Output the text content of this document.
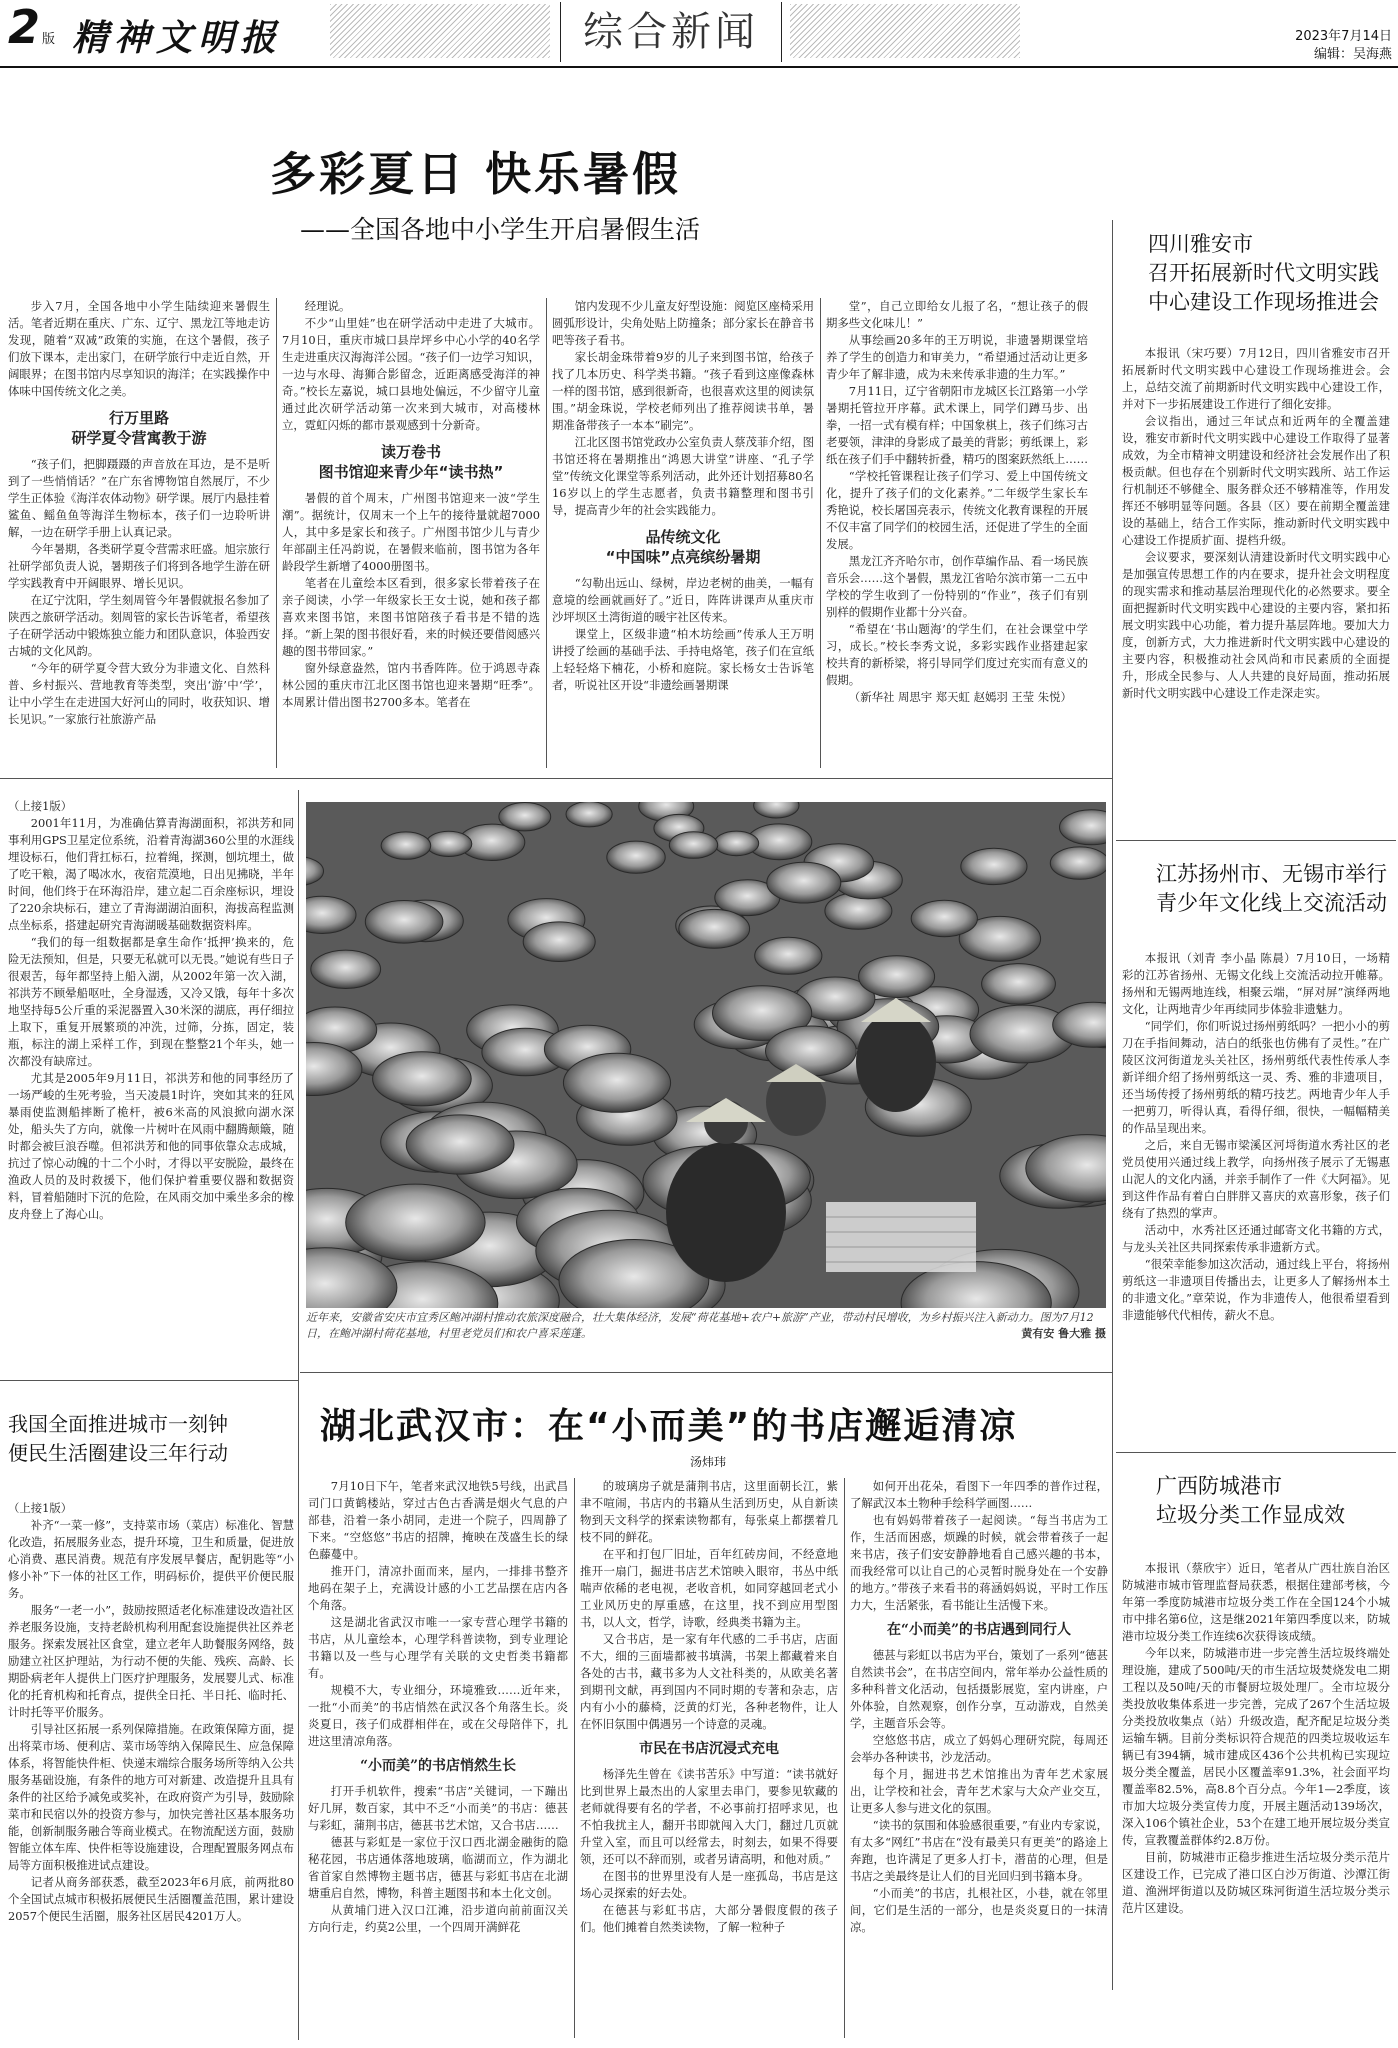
2 版 精神文明报	综合新闻	2023年7月14日
编辑：吴海燕
多彩夏日 快乐暑假
——全国各地中小学生开启暑假生活

步入7月，全国各地中小学生陆续迎来暑假生活。笔者近期在重庆、广东、辽宁、黑龙江等地走访发现，随着“双减”政策的实施，在这个暑假，孩子们放下课本，走出家门，在研学旅行中走近自然，开阔眼界；在图书馆内尽享知识的海洋；在实践操作中体味中国传统文化之美。

行万里路
研学夏令营寓教于游

“孩子们，把脚蹑蹑的声音放在耳边，是不是听到了一些悄悄话？”在广东省博物馆自然展厅，不少学生正体验《海洋农体动物》研学课。展厅内悬挂着鲨鱼、鳐鱼鱼等海洋生物标本，孩子们一边聆听讲解，一边在研学手册上认真记录。

今年暑期，各类研学夏令营需求旺盛。旭宗旅行社研学部负责人说，暑期孩子们将到各地学生游在研学实践教育中开阔眼界、增长见识。

在辽宁沈阳，学生刻周管今年暑假就报名参加了陕西之旅研学活动。刻周管的家长告诉笔者，希望孩子在研学活动中锻炼独立能力和团队意识，体验西安古城的文化风韵。

“今年的研学夏令营大致分为非遗文化、自然科普、乡村振兴、营地教育等类型，突出‘游’中‘学’，让中小学生在走进国大好河山的同时，收获知识、增长见识。”一家旅行社旅游产品

经理说。

不少“山里娃”也在研学活动中走进了大城市。7月10日，重庆市城口县岸坪乡中心小学的40名学生走进重庆汉海海洋公园。“孩子们一边学习知识，一边与水母、海狮合影留念，近距离感受海洋的神奇。”校长左嘉说，城口县地处偏远，不少留守儿童通过此次研学活动第一次来到大城市，对高楼林立，霓虹闪烁的都市景观感到十分新奇。

读万卷书
图书馆迎来青少年“读书热”

暑假的首个周末，广州图书馆迎来一波“学生潮”。据统计，仅周末一个上午的接待量就超7000人，其中多是家长和孩子。广州图书馆少儿与青少年部副主任冯韵说，在暑假来临前，图书馆为各年龄段学生新增了4000册图书。

笔者在儿童绘本区看到，很多家长带着孩子在亲子阅读，小学一年级家长王女士说，她和孩子都喜欢来图书馆，来图书馆陪孩子看书是不错的选择。“新上架的图书很好看，来的时候还要借阅感兴趣的图书带回家。”

窗外绿意盎然，馆内书香阵阵。位于鸿恩寺森林公园的重庆市江北区图书馆也迎来暑期“旺季”。本周累计借出图书2700多本。笔者在

馆内发现不少儿童友好型设施：阅览区座椅采用圆弧形设计，尖角处贴上防撞条；部分家长在静音书吧等孩子看书。

家长胡金珠带着9岁的儿子来到图书馆，给孩子找了几本历史、科学类书籍。“孩子看到这座像森林一样的图书馆，感到很新奇，也很喜欢这里的阅读氛围。”胡金珠说，学校老师列出了推荐阅读书单，暑期准备带孩子一本本“刷完”。

江北区图书馆党政办公室负责人蔡茂菲介绍，图书馆还将在暑期推出“鸿恩大讲堂”讲座、“孔子学堂”传统文化课堂等系列活动，此外还计划招募80名16岁以上的学生志愿者，负责书籍整理和图书引导，提高青少年的社会实践能力。

品传统文化
“中国味”点亮缤纷暑期

“勾勒出远山、绿树，岸边老树的曲美，一幅有意境的绘画就画好了。”近日，阵阵讲课声从重庆市沙坪坝区土湾街道的暖宇社区传来。

课堂上，区级非遗“柏木坊绘画”传承人王万明讲授了绘画的基础手法、手持电烙笔，孩子们在宣纸上轻轻烙下楠花，小桥和庭院。家长杨女士告诉笔者，听说社区开设“非遗绘画暑期课

堂”，自己立即给女儿报了名，“想让孩子的假期多些文化味儿！”

从事绘画20多年的王万明说，非遗暑期课堂培养了学生的创造力和审美力，“希望通过活动让更多青少年了解非遗，成为未来传承非遗的生力军。”

7月11日，辽宁省朝阳市龙城区长江路第一小学暑期托管拉开序幕。武术课上，同学们蹲马步、出拳，一招一式有模有样；中国象棋上，孩子们练习古老要领，津津的身影成了最美的背影；剪纸课上，彩纸在孩子们手中翻转折叠，精巧的图案跃然纸上……

“学校托管课程让孩子们学习、爱上中国传统文化，提升了孩子们的文化素养。”二年级学生家长车秀艳说，校长屠国亮表示，传统文化教育课程的开展不仅丰富了同学们的校园生活，还促进了学生的全面发展。

黑龙江齐齐哈尔市，创作草编作品、看一场民族音乐会……这个暑假，黑龙江省哈尔滨市第一二五中学校的学生收到了一份特别的“作业”，孩子们有别别样的假期作业都十分兴奋。

“希望在‘书山题海’的学生们，在社会课堂中学习，成长。”校长李秀文说，多彩实践作业搭建起家校共育的新桥梁，将引导同学们度过充实而有意义的假期。

（新华社 周思宇 郑天虹 赵嫣羽 王莹 朱悦）

四川雅安市
召开拓展新时代文明实践
中心建设工作现场推进会

本报讯（宋巧要）7月12日，四川省雅安市召开拓展新时代文明实践中心建设工作现场推进会。会上，总结交流了前期新时代文明实践中心建设工作，并对下一步拓展建设工作进行了细化安排。

会议指出，通过三年试点和近两年的全覆盖建设，雅安市新时代文明实践中心建设工作取得了显著成效，为全市精神文明建设和经济社会发展作出了积极贡献。但也存在个别新时代文明实践所、站工作运行机制还不够健全、服务群众还不够精准等，作用发挥还不够明显等问题。各县（区）要在前期全覆盖建设的基础上，结合工作实际，推动新时代文明实践中心建设工作提质扩面、提档升级。

会议要求，要深刻认清建设新时代文明实践中心是加强宣传思想工作的内在要求，提升社会文明程度的现实需求和推动基层治理现代化的必然要求。要全面把握新时代文明实践中心建设的主要内容，紧扣拓展文明实践中心功能，着力提升基层阵地。要加大力度，创新方式，大力推进新时代文明实践中心建设的主要内容，积极推动社会风尚和市民素质的全面提升，形成全民参与、人人共建的良好局面，推动拓展新时代文明实践中心建设工作走深走实。

江苏扬州市、无锡市举行
青少年文化线上交流活动

本报讯（刘青 李小晶 陈晨）7月10日，一场精彩的江苏省扬州、无锡文化线上交流活动拉开帷幕。扬州和无锡两地连线，相聚云端，“屏对屏”演绎两地文化，让两地青少年再续同步体验非遗魅力。

“同学们，你们听说过扬州剪纸吗？一把小小的剪刀在手指间舞动，洁白的纸张也仿佛有了灵性。”在广陵区汶河街道龙头关社区，扬州剪纸代表性传承人李新详细介绍了扬州剪纸这一灵、秀、雅的非遗项目，还当场传授了扬州剪纸的精巧技艺。两地青少年人手一把剪刀，听得认真，看得仔细，很快，一幅幅精美的作品呈现出来。

之后，来自无锡市梁溪区河埒街道水秀社区的老党员使用兴通过线上教学，向扬州孩子展示了无锡惠山泥人的文化内涵，并亲手制作了一件《大阿福》。见到这件作品有着白白胖胖又喜庆的欢喜形象，孩子们绕有了热烈的掌声。

活动中，水秀社区还通过邮寄文化书籍的方式，与龙头关社区共同探索传承非遗新方式。

“很荣幸能参加这次活动，通过线上平台，将扬州剪纸这一非遗项目传播出去，让更多人了解扬州本土的非遗文化。”章荣说，作为非遗传人，他很希望看到非遗能够代代相传，薪火不息。

广西防城港市
垃圾分类工作显成效

本报讯（蔡欣宇）近日，笔者从广西壮族自治区防城港市城市管理监督局获悉，根据住建部考核，今年第一季度防城港市垃圾分类工作在全国124个小城市中排名第6位，这是继2021年第四季度以来，防城港市垃圾分类工作连续6次获得该成绩。

今年以来，防城港市进一步完善生活垃圾终端处理设施，建成了500吨/天的市生活垃圾焚烧发电二期工程以及50吨/天的市餐厨垃圾处理厂。全市垃圾分类投放收集体系进一步完善，完成了267个生活垃圾分类投放收集点（站）升级改造，配齐配足垃圾分类运输车辆。目前分类标识符合规范的四类垃圾收运车辆已有394辆，城市建成区436个公共机构已实现垃圾分类全覆盖，居民小区覆盖率91.3%，社会面平均覆盖率82.5%，高8.8个百分点。今年1—2季度，该市加大垃圾分类宣传力度，开展主题活动139场次，深入106个镇社企业，53个在建工地开展垃圾分类宣传，宣教覆盖群体约2.8万份。

目前，防城港市正稳步推进生活垃圾分类示范片区建设工作，已完成了港口区白沙万街道、沙潭江街道、渔洲坪街道以及防城区珠河街道生活垃圾分类示范片区建设。

（上接1版）

2001年11月，为准确估算青海湖面积，祁洪芳和同事利用GPS卫星定位系统，沿着青海湖360公里的水涯线埋设标石，他们背扛标石，拉着绳，探测，刨坑埋土，做了吃干粮，渴了喝冰水，夜宿荒漠地，日出见拂晓，半年时间，他们终于在环海沿岸，建立起二百余座标识，埋设了220余块标石，建立了青海湖湖泊面积，海拔高程监测点坐标系，搭建起研究青海湖暖基础数据资料库。

“我们的每一组数据都是拿生命作‘抵押’换来的，危险无法预知，但是，只要无私就可以无畏。”她说有些日子很艰苦，每年都坚持上船入湖，从2002年第一次入湖，祁洪芳不顾晕船呕吐，全身湿透，又冷又饿，每年十多次地坚持每5公斤重的采泥器置入30米深的湖底，再仔细拉上取下，重复开展繁琐的冲洗，过筛，分拣，固定，装瓶，标注的湖上采样工作，到现在整整21个年头，她一次都没有缺席过。

尤其是2005年9月11日，祁洪芳和他的同事经历了一场严峻的生死考验，当天凌晨1时许，突如其来的狂风暴雨使监测船摔断了桅杆，被6米高的风浪掀向湖水深处，船头失了方向，就像一片树叶在风雨中翻腾颠簸，随时都会被巨浪吞噬。但祁洪芳和他的同事依靠众志成城，抗过了惊心动魄的十二个小时，才得以平安脱险，最终在渔政人员的及时救援下，他们保护着重要仪器和数据资料，冒着船随时下沉的危险，在风雨交加中乘坐多余的橡皮舟登上了海心山。

我国全面推进城市一刻钟
便民生活圈建设三年行动
（上接1版）

补齐“一菜一修”，支持菜市场（菜店）标准化、智慧化改造，拓展服务业态，提升环境，卫生和质量，促进放心消费、惠民消费。规范有序发展早餐店，配钥匙等“小修小补”下一体的社区工作，明码标价，提供平价便民服务。

服务“一老一小”，鼓励按照适老化标准建设改造社区养老服务设施，支持老龄机构利用配套设施提供社区养老服务。探索发展社区食堂，建立老年人助餐服务网络，鼓励建立社区护理站，为行动不便的失能、残疾、高龄、长期卧病老年人提供上门医疗护理服务，发展婴儿式、标准化的托育机构和托育点，提供全日托、半日托、临时托、计时托等平价服务。

引导社区拓展一系列保障措施。在政策保障方面，提出将菜市场、便利店、菜市场等纳入保障民生、应急保障体系，将智能快件柜、快递末端综合服务场所等纳入公共服务基础设施，有条件的地方可对新建、改造提升且具有条件的社区给予减免或奖补，在政府资产为引导，鼓励除菜市和民宿以外的投资方参与，加快完善社区基本服务功能，创新制服务融合等商业模式。在物流配送方面，鼓励智能立体车库、快件柜等设施建设，合理配置服务网点布局等方面积极推进试点建设。

记者从商务部获悉，截至2023年6月底，前两批80个全国试点城市积极拓展便民生活圈覆盖范围，累计建设2057个便民生活圈，服务社区居民4201万人。

近年来，安徽省安庆市宜秀区鲍冲湖村推动农旅深度融合，壮大集体经济，发展“荷花基地+农户+旅游”产业，带动村民增收，为乡村振兴注入新动力。图为7月12日，在鲍冲湖村荷花基地，村里老党员们和农户喜采莲蓬。	黄有安 鲁大雅 摄
湖北武汉市：在“小而美”的书店邂逅清凉
汤炜玮

7月10日下午，笔者来武汉地铁5号线，出武昌司门口黄鹤楼站，穿过古色古香满是烟火气息的户部巷，沿着一条小胡同，走进一个院子，四周静了下来。“空悠悠”书店的招牌，掩映在茂盛生长的绿色藤蔓中。

推开门，清凉扑面而来，屋内，一排排书整齐地码在架子上，充满设计感的小工艺品摆在店内各个角落。

这是湖北省武汉市唯一一家专营心理学书籍的书店，从儿童绘本，心理学科普读物，到专业理论书籍以及一些与心理学有关联的文史哲类书籍都有。

规模不大，专业细分，环境雅致……近年来，一批“小而美”的书店悄然在武汉各个角落生长。炎炎夏日，孩子们成群相伴在，或在父母陪伴下，扎进这里清凉角落。

“小而美”的书店悄然生长

打开手机软件，搜索“书店”关键词，一下蹦出好几屏，数百家，其中不乏“小而美”的书店：德甚与彩虹，蒲荆书店，德甚书艺术馆，又合书店……

德甚与彩虹是一家位于汉口西北湖金融街的隐秘花园，书店通体落地玻璃，临湖而立，作为湖北省首家自然博物主题书店，德甚与彩虹书店在北湖塘重启自然，博物，科普主题图书和本土化文创。

从黄埔门进入汉口江滩，沿步道向前前面汉关方向行走，约莫2公里，一个四周开满鲜花

的玻璃房子就是蒲荆书店，这里面朝长江，紫聿不喧闹，书店内的书籍从生活到历史，从自新读物到天文科学的探索读物都有，每张桌上都摆着几枝不同的鲜花。

在平和打包厂旧址，百年红砖房间，不经意地推开一扇门，掘进书店艺术馆映入眼帘，书丛中纸喘声依稀的老电视，老收音机，如同穿越回老式小工业风历史的厚重感，在这里，找不到应用型图书，以人文，哲学，诗歌，经典类书籍为主。

又合书店，是一家有年代感的二手书店，店面不大，细的三面墙都被书填满，书架上都藏着来自各处的古书，藏书多为人文社科类的，从欧美名著到期刊文献，再到国内不同时期的专著和杂志，店内有小小的藤椅，泛黄的灯光，各种老物件，让人在怀旧氛围中偶遇另一个诗意的灵魂。

市民在书店沉浸式充电

杨泽先生曾在《读书苦乐》中写道：“读书就好比到世界上最杰出的人家里去串门，要参见软藏的老师就得要有名的学者，不必事前打招呼求见，也不怕我扰主人，翻开书即就闯入大门，翻过几页就升堂入室，而且可以经常去，时刻去，如果不得要领，还可以不辞而别，或者另请高明，和他对质。”

在图书的世界里没有人是一座孤岛，书店是这场心灵探索的好去处。

在德甚与彩虹书店，大部分暑假度假的孩子们。他们摊着自然类读物，了解一粒种子

如何开出花朵，看图下一年四季的普作过程，了解武汉本土物种手绘科学画图……

也有妈妈带着孩子一起阅读。“每当书店为工作，生活而困惑，烦躁的时候，就会带着孩子一起来书店，孩子们安安静静地看自己感兴趣的书本，而我经常可以让自己的心灵暂时脱身处在一个安静的地方。”带孩子来看书的蒋涵妈妈说，平时工作压力大，生活紧张，看书能让生活慢下来。

在“小而美”的书店遇到同行人

德甚与彩虹以书店为平台，策划了一系列“德甚自然读书会”，在书店空间内，常年举办公益性质的多种科普文化活动，包括摄影展览，室内讲座，户外体验，自然观察，创作分享，互动游戏，自然美学，主题音乐会等。

空悠悠书店，成立了妈妈心理研究院，每周还会举办各种读书，沙龙活动。

每个月，掘进书艺术馆推出为青年艺术家展出，让学校和社会，青年艺术家与大众产业交互，让更多人参与进文化的氛围。

“读书的氛围和体验感很重要，”有业内专家说，有太多“网红”书店在“没有最美只有更美”的路途上奔跑，也许满足了更多人打卡，潜苗的心理，但是书店之美最终是让人们的目光回归到书籍本身。

“小而美”的书店，扎根社区，小巷，就在邻里间，它们是生活的一部分，也是炎炎夏日的一抹清凉。
